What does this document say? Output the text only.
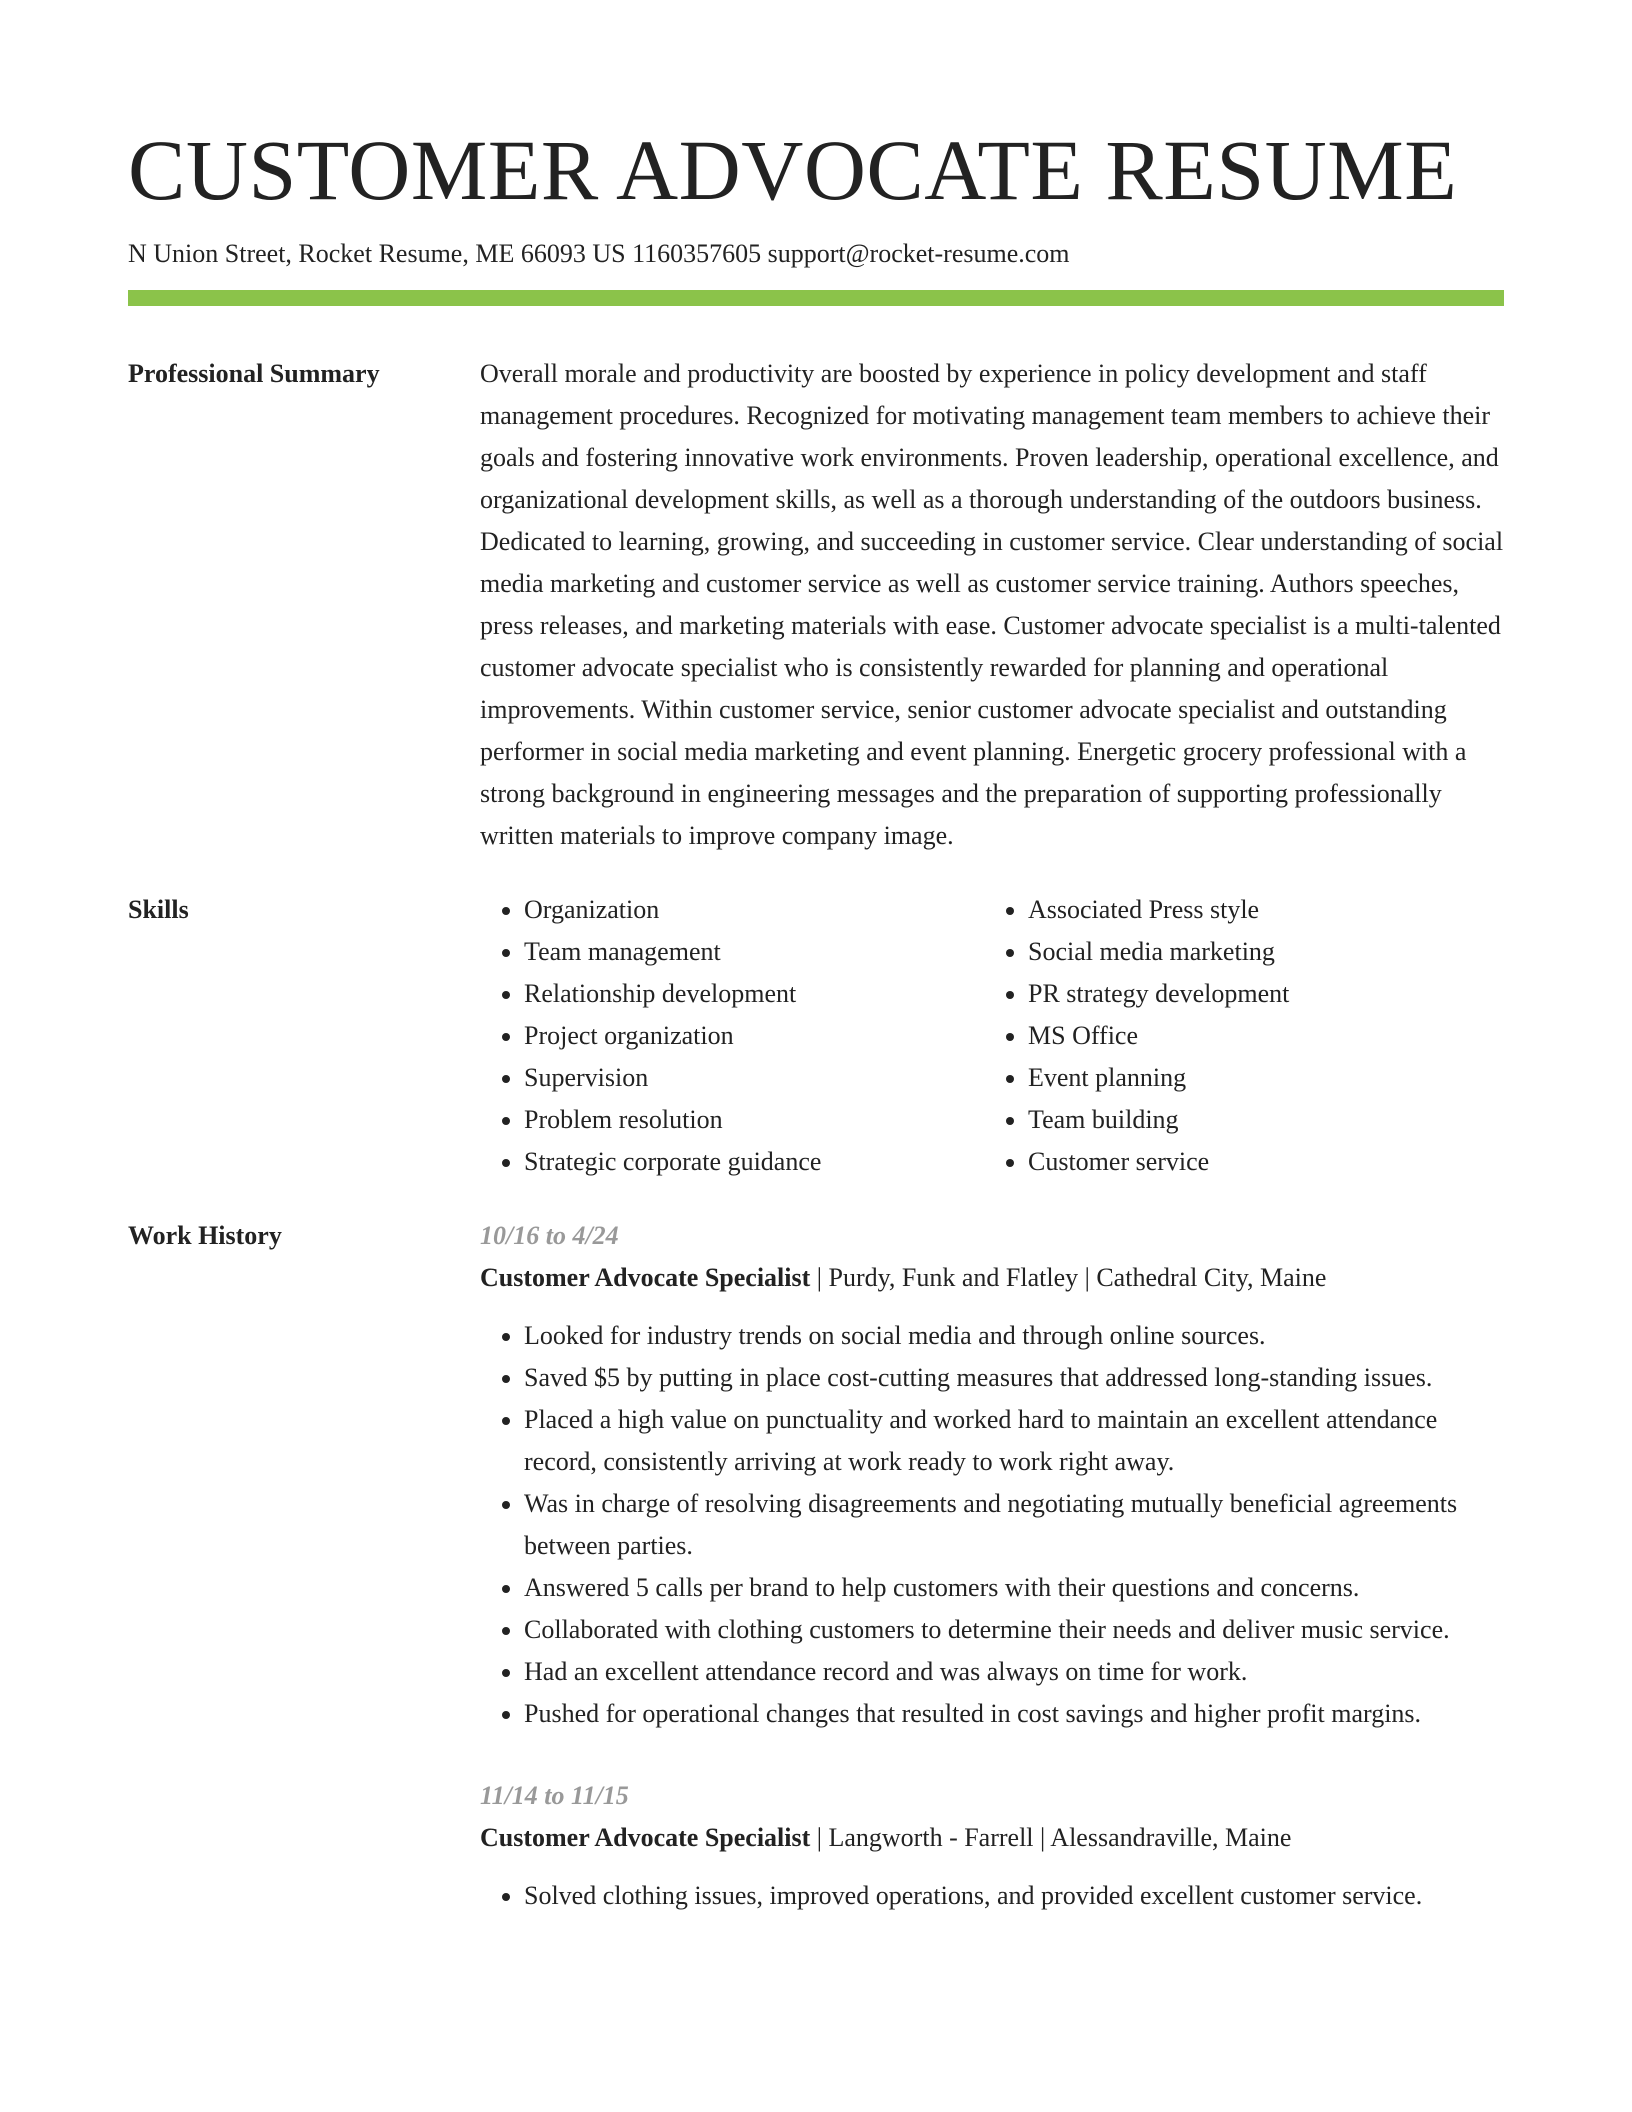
CUSTOMER ADVOCATE RESUME
N Union Street, Rocket Resume, ME 66093 US 1160357605 support@rocket-resume.com
Professional Summary	Overall morale and productivity are boosted by experience in policy development and staff management procedures. Recognized for motivating management team members to achieve their goals and fostering innovative work environments. Proven leadership, operational excellence, and organizational development skills, as well as a thorough understanding of the outdoors business. Dedicated to learning, growing, and succeeding in customer service. Clear understanding of social media marketing and customer service as well as customer service training. Authors speeches, press releases, and marketing materials with ease. Customer advocate specialist is a multi-talented customer advocate specialist who is consistently rewarded for planning and operational improvements. Within customer service, senior customer advocate specialist and outstanding performer in social media marketing and event planning. Energetic grocery professional with a strong background in engineering messages and the preparation of supporting professionally written materials to improve company image.
Skills
•	Organization
• Team management
• Relationship development
• Project organization
• Supervision
• Problem resolution
• Strategic corporate guidance
• Associated Press style
• Social media marketing
• PR strategy development
• MS Office
• Event planning
• Team building
• Customer service
Work History	10/16 to 4/24
Customer Advocate Specialist | Purdy, Funk and Flatley | Cathedral City, Maine
• Looked for industry trends on social media and through online sources.
• Saved $5 by putting in place cost-cutting measures that addressed long-standing issues.
• Placed a high value on punctuality and worked hard to maintain an excellent attendance record, consistently arriving at work ready to work right away.
• Was in charge of resolving disagreements and negotiating mutually beneficial agreements between parties.
• Answered 5 calls per brand to help customers with their questions and concerns.
• Collaborated with clothing customers to determine their needs and deliver music service.
• Had an excellent attendance record and was always on time for work.
• Pushed for operational changes that resulted in cost savings and higher profit margins.
11/14 to 11/15
Customer Advocate Specialist | Langworth - Farrell | Alessandraville, Maine
• Solved clothing issues, improved operations, and provided excellent customer service.
